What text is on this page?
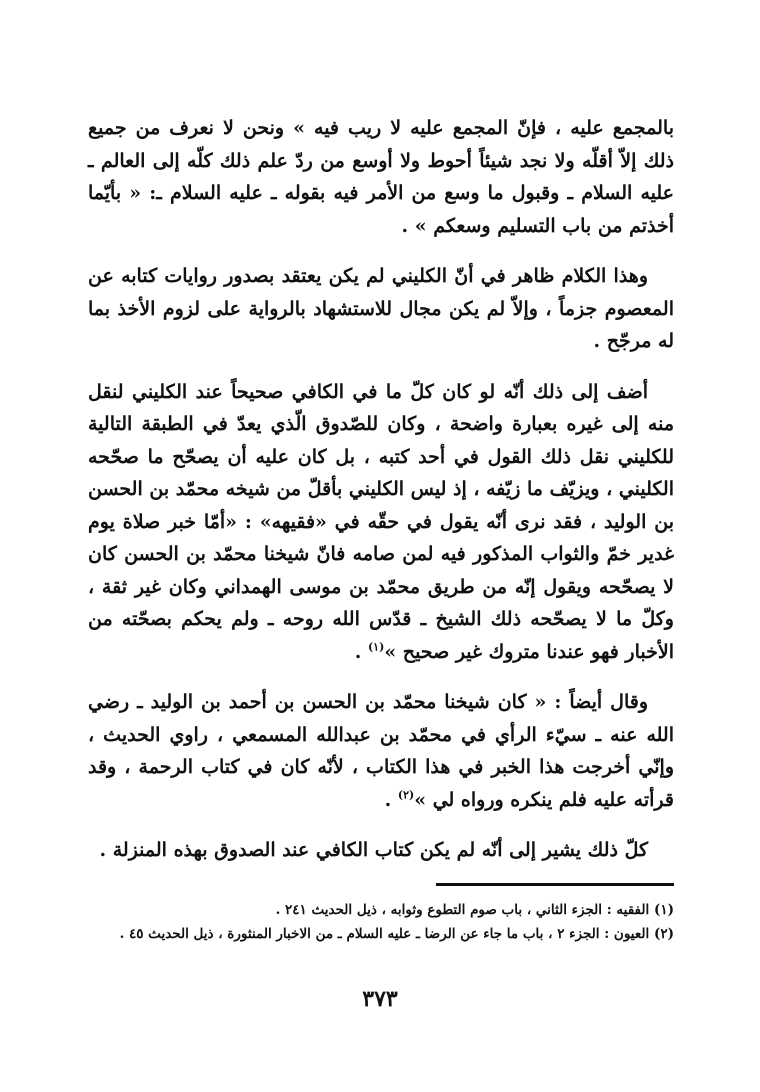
بالمجمع عليه ، فإنّ المجمع عليه لا ريب فيه » ونحن لا نعرف من جميع ذلك إلاّ أقلّه ولا نجد شيئاً أحوط ولا أوسع من ردّ علم ذلك كلّه إلى العالم ـ عليه السلام ـ وقبول ما وسع من الأمر فيه بقوله ـ عليه السلام ـ: « بأيّما أخذتم من باب التسليم وسعكم » .

وهذا الكلام ظاهر في أنّ الكليني لم يكن يعتقد بصدور روايات كتابه عن المعصوم جزماً ، وإلاّ لم يكن مجال للاستشهاد بالرواية على لزوم الأخذ بما له مرجّح .

أضف إلى ذلك أنّه لو كان كلّ ما في الكافي صحيحاً عند الكليني لنقل منه إلى غيره بعبارة واضحة ، وكان للصّدوق الّذي يعدّ في الطبقة التالية للكليني نقل ذلك القول في أحد كتبه ، بل كان عليه أن يصحّح ما صحّحه الكليني ، ويزيّف ما زيّفه ، إذ ليس الكليني بأقلّ من شيخه محمّد بن الحسن بن الوليد ، فقد نرى أنّه يقول في حقّه في «فقيهه» : «أمّا خبر صلاة يوم غدير خمّ والثواب المذكور فيه لمن صامه فانّ شيخنا محمّد بن الحسن كان لا يصحّحه ويقول إنّه من طريق محمّد بن موسى الهمداني وكان غير ثقة ، وكلّ ما لا يصحّحه ذلك الشيخ ـ قدّس الله روحه ـ ولم يحكم بصحّته من الأخبار فهو عندنا متروك غير صحيح »$^{(١)}$ .

وقال أيضاً : « كان شيخنا محمّد بن الحسن بن أحمد بن الوليد ـ رضي الله عنه ـ سيّء الرأي في محمّد بن عبدالله المسمعي ، راوي الحديث ، وإنّي أخرجت هذا الخبر في هذا الكتاب ، لأنّه كان في كتاب الرحمة ، وقد قرأته عليه فلم ينكره ورواه لي »$^{(٢)}$ .

كلّ ذلك يشير إلى أنّه لم يكن كتاب الكافي عند الصدوق بهذه المنزلة .

(١) الفقيه : الجزء الثاني ، باب صوم التطوع وثوابه ، ذيل الحديث ٢٤١ .
(٢) العيون : الجزء ٢ ، باب ما جاء عن الرضا ـ عليه السلام ـ من الاخبار المنثورة ، ذيل الحديث ٤٥ .
٣٧٣
